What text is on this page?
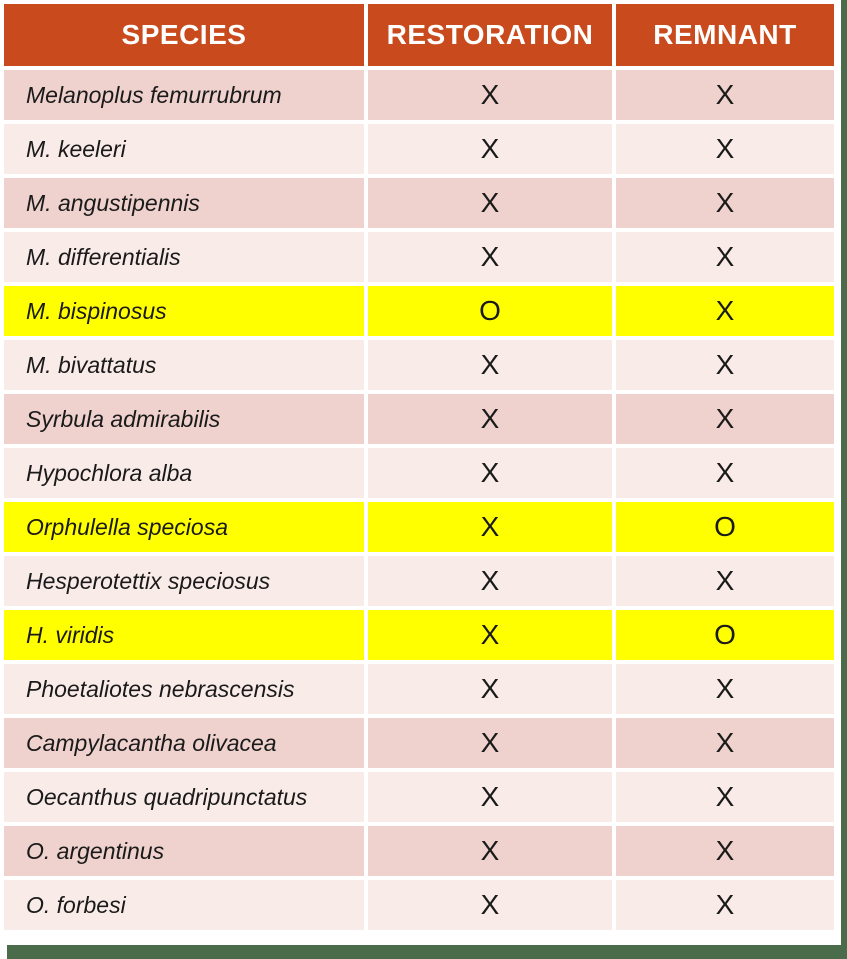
SPECIES	RESTORATION	REMNANT
Melanoplus femurrubrum	X	X
M. keeleri	X	X
M. angustipennis	X	X
M. differentialis	X	X
M. bispinosus	O	X
M. bivattatus	X	X
Syrbula admirabilis	X	X
Hypochlora alba	X	X
Orphulella speciosa	X	O
Hesperotettix speciosus	X	X
H. viridis	X	O
Phoetaliotes nebrascensis	X	X
Campylacantha olivacea	X	X
Oecanthus quadripunctatus	X	X
O. argentinus	X	X
O. forbesi	X	X
